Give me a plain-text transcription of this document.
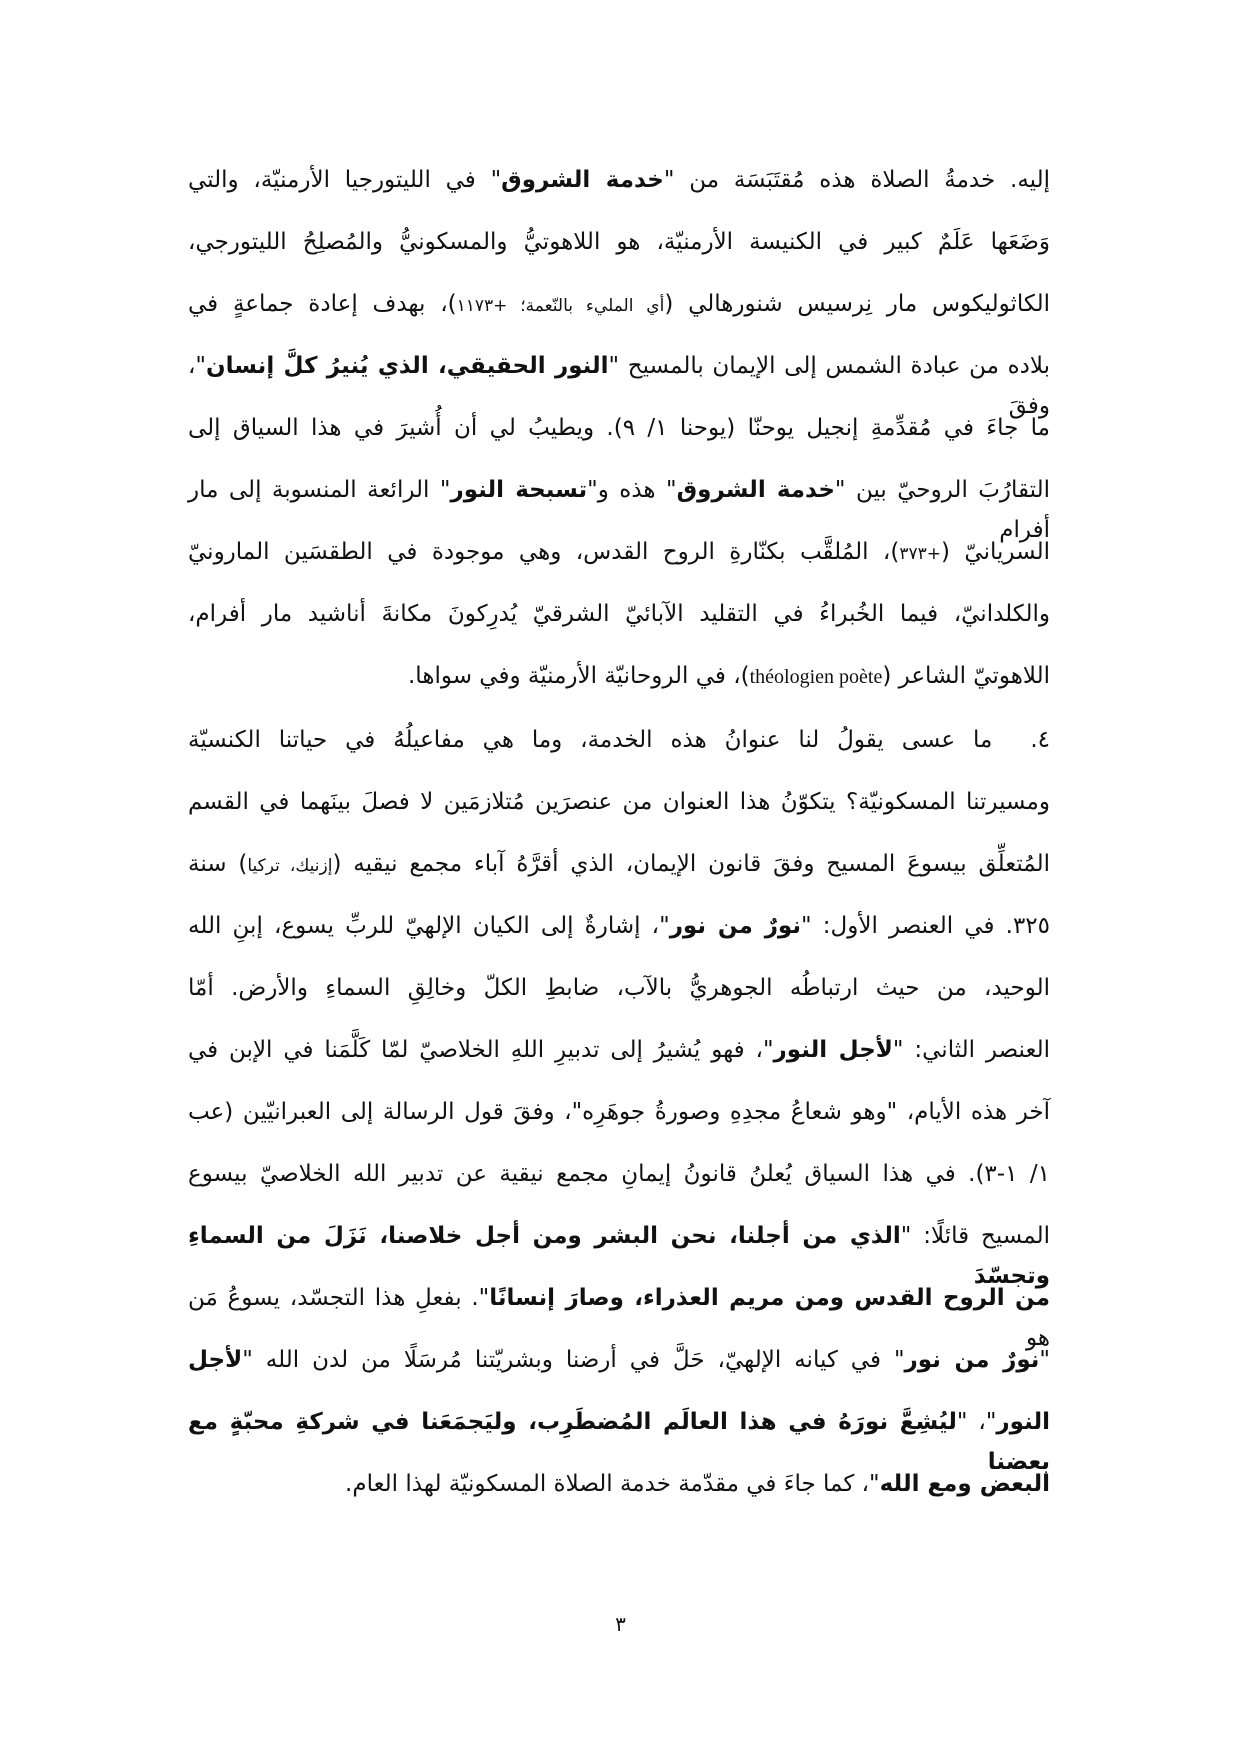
إليه. خدمةُ الصلاة هذه مُقتَبَسَة من "خدمة الشروق" في الليتورجيا الأرمنيّة، والتي
وَضَعَها عَلَمٌ كبير في الكنيسة الأرمنيّة، هو اللاهوتيُّ والمسكونيُّ والمُصلِحُ الليتورجي،
الكاثوليكوس مار نِرسيس شنورهالي (أي المليء بالنّعمة؛ +١١٧٣)، بهدف إعادة جماعةٍ في
بلاده من عبادة الشمس إلى الإيمان بالمسيح "النور الحقيقي، الذي يُنيرُ كلَّ إنسان"، وفقَ
ما جاءَ في مُقدِّمةِ إنجيل يوحنّا (يوحنا ١/ ٩). ويطيبُ لي أن أُشيرَ في هذا السياق إلى
التقارُبَ الروحيّ بين "خدمة الشروق" هذه و"تسبحة النور" الرائعة المنسوبة إلى مار أفرام
السريانيّ (+٣٧٣)، المُلقَّب بكنّارةِ الروح القدس، وهي موجودة في الطقسَين المارونيّ
والكلدانيّ، فيما الخُبراءُ في التقليد الآبائيّ الشرقيّ يُدرِكونَ مكانةَ أناشيد مار أفرام،
اللاهوتيّ الشاعر (théologien poète)، في الروحانيّة الأرمنيّة وفي سواها.
٤.ما عسى يقولُ لنا عنوانُ هذه الخدمة، وما هي مفاعيلُهُ في حياتنا الكنسيّة
ومسيرتنا المسكونيّة؟ يتكوّنُ هذا العنوان من عنصرَين مُتلازمَين لا فصلَ بينَهما في القسم
المُتعلِّق بيسوعَ المسيح وفقَ قانون الإيمان، الذي أقرَّهُ آباء مجمع نيقيه (إزنيك، تركيا) سنة
٣٢٥. في العنصر الأول: "نورٌ من نور"، إشارةٌ إلى الكيان الإلهيّ للربِّ يسوع، إبنِ الله
الوحيد، من حيث ارتباطُه الجوهريُّ بالآب، ضابطِ الكلّ وخالِقِ السماءِ والأرض. أمّا
العنصر الثاني: "لأجل النور"، فهو يُشيرُ إلى تدبيرِ اللهِ الخلاصيّ لمّا كَلَّمَنا في الإبن في
آخر هذه الأيام، "وهو شعاعُ مجدِهِ وصورةُ جوهَرِه"، وفقَ قول الرسالة إلى العبرانيّين (عب
١/ ١-٣). في هذا السياق يُعلنُ قانونُ إيمانِ مجمع نيقية عن تدبير الله الخلاصيّ بيسوع
المسيح قائلًا: "الذي من أجلنا، نحن البشر ومن أجل خلاصنا، نَزَلَ من السماءِ وتجسّدَ
من الروح القدس ومن مريم العذراء، وصارَ إنسانًا". بفعلِ هذا التجسّد، يسوعُ مَن هو
"نورٌ من نور" في كيانه الإلهيّ، حَلَّ في أرضنا وبشريّتنا مُرسَلًا من لدن الله "لأجل
النور"، "ليُشِعَّ نورَهُ في هذا العالَم المُضطَرِب، وليَجمَعَنا في شركةِ محبّةٍ مع بعضنا
البعض ومع الله"، كما جاءَ في مقدّمة خدمة الصلاة المسكونيّة لهذا العام.
٣
